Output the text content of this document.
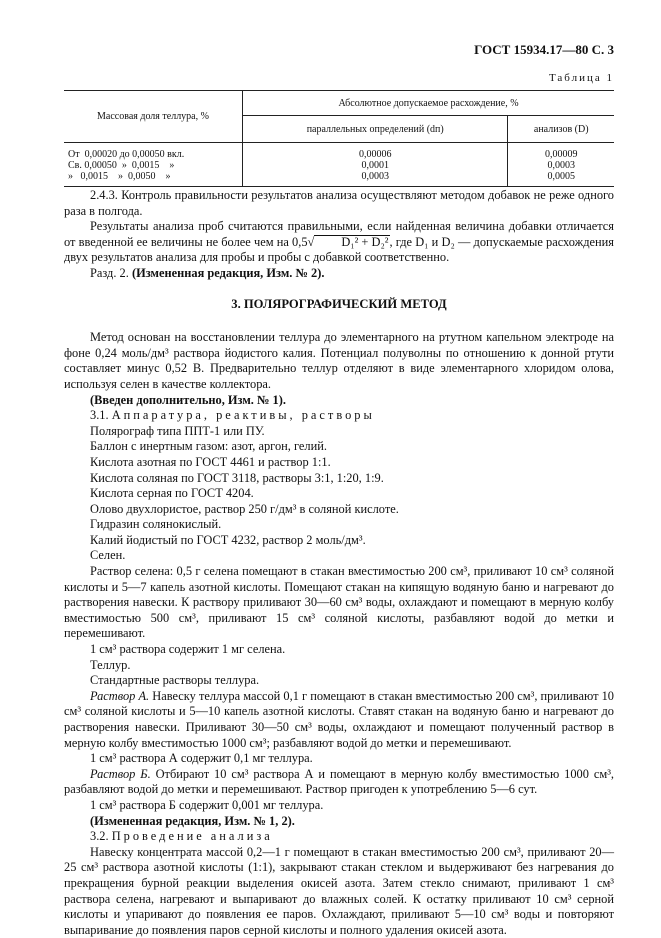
ГОСТ 15934.17—80 С. 3
Таблица 1
Массовая доля теллура, %	Абсолютное допускаемое расхождение, %	
	параллельных определений (dп)	анализов (D)
От  0,00020 до 0,00050 вкл.	0,00006	0,00009
Св. 0,00050  »  0,0015    »	0,0001	0,0003
»   0,0015    »  0,0050    »	0,0003	0,0005

2.4.3. Контроль правильности результатов анализа осуществляют методом добавок не реже одного раза в полгода.

Результаты анализа проб считаются правильными, если найденная величина добавки отличается от введенной ее величины не более чем на 0,5√ D₁² + D₂², где D₁ и D₂ — допускаемые расхождения двух результатов анализа для пробы и пробы с добавкой соответственно.

Разд. 2. (Измененная редакция, Изм. № 2).

3. ПОЛЯРОГРАФИЧЕСКИЙ МЕТОД

Метод основан на восстановлении теллура до элементарного на ртутном капельном электроде на фоне 0,24 моль/дм³ раствора йодистого калия. Потенциал полуволны по отношению к донной ртути составляет минус 0,52 В. Предварительно теллур отделяют в виде элементарного хлоридом олова, используя селен в качестве коллектора.

(Введен дополнительно, Изм. № 1).

3.1. Аппаратура, реактивы, растворы

Полярограф типа ППТ-1 или ПУ.

Баллон с инертным газом: азот, аргон, гелий.

Кислота азотная по ГОСТ 4461 и раствор 1:1.

Кислота соляная по ГОСТ 3118, растворы 3:1, 1:20, 1:9.

Кислота серная по ГОСТ 4204.

Олово двухлористое, раствор 250 г/дм³ в соляной кислоте.

Гидразин солянокислый.

Калий йодистый по ГОСТ 4232, раствор 2 моль/дм³.

Селен.

Раствор селена: 0,5 г селена помещают в стакан вместимостью 200 см³, приливают 10 см³ соляной кислоты и 5—7 капель азотной кислоты. Помещают стакан на кипящую водяную баню и нагревают до растворения навески. К раствору приливают 30—60 см³ воды, охлаждают и помещают в мерную колбу вместимостью 500 см³, приливают 15 см³ соляной кислоты, разбавляют водой до метки и перемешивают.

1 см³ раствора содержит 1 мг селена.

Теллур.

Стандартные растворы теллура.

Раствор А. Навеску теллура массой 0,1 г помещают в стакан вместимостью 200 см³, приливают 10 см³ соляной кислоты и 5—10 капель азотной кислоты. Ставят стакан на водяную баню и нагревают до растворения навески. Приливают 30—50 см³ воды, охлаждают и помещают полученный раствор в мерную колбу вместимостью 1000 см³; разбавляют водой до метки и перемешивают.

1 см³ раствора А содержит 0,1 мг теллура.

Раствор Б. Отбирают 10 см³ раствора А и помещают в мерную колбу вместимостью 1000 см³, разбавляют водой до метки и перемешивают. Раствор пригоден к употреблению 5—6 сут.

1 см³ раствора Б содержит 0,001 мг теллура.

(Измененная редакция, Изм. № 1, 2).

3.2. Проведение анализа

Навеску концентрата массой 0,2—1 г помещают в стакан вместимостью 200 см³, приливают 20—25 см³ раствора азотной кислоты (1:1), закрывают стакан стеклом и выдерживают без нагревания до прекращения бурной реакции выделения окисей азота. Затем стекло снимают, приливают 1 см³ раствора селена, нагревают и выпаривают до влажных солей. К остатку приливают 10 см³ серной кислоты и упаривают до появления ее паров. Охлаждают, приливают 5—10 см³ воды и повторяют выпаривание до появления паров серной кислоты и полного удаления окисей азота.
